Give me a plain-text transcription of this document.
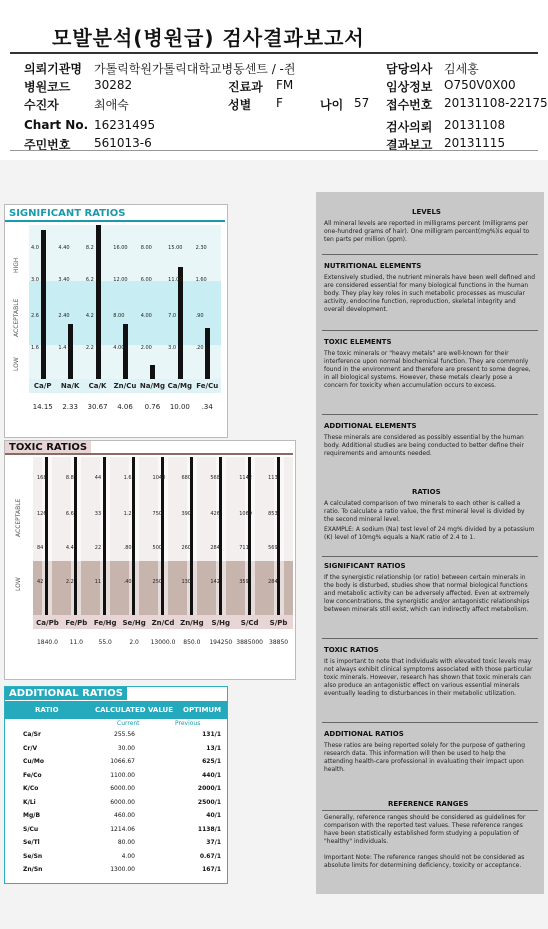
모발분석(병원급) 검사결과보고서
의뢰기관명 가톨릭학원가톨릭대학교병동센트 / -쥔	담당의사 김세홍
병원코드 30282	진료과 FM	임상정보 O750V0X00
수진자	최애숙	성별 F	나이 57 접수번호 20131108-22175
Chart No. 16231495	검사의뢰 20131108
주민번호 561013-6	결과보고 20131115
SIGNIFICANT RATIOS
HIGH
ACCEPTABLE
LOW
4.0
3.0
2.6
1.6
4.40
3.40
2.40
1.4
8.2
6.2
4.2
2.2
16.00
12.00
8.00
4.00
8.00
6.00
4.00
2.00
15.00
11.00
7.0
3.0
2.30
1.60
.90
.20
Ca/P	Na/K	Ca/K	Zn/Cu Na/Mg Ca/Mg Fe/Cu
14.15	2.33	30.67	4.06	0.76	10.00	.34
TOXIC RATIOS
ACCEPTABLE
LOW
168
126
84
42
8.8
6.6
4.4
2.2
44
33
22
11
1.6
1.2
.80
.40
1040
750
500
250
680
390
260
130
568
426
284
142
1142
1069
711
359
113
853
569
284
Ca/Pb Fe/Pb Fe/Hg Se/Hg Zn/Cd Zn/Hg	S/Hg	S/Cd	S/Pb
1840.0	11.0	55.0	2.0	13000.0	850.0	194250 3885000 38850
ADDITIONAL RATIOS
RATIO	CALCULATED VALUE OPTIMUM
Current	Previous
Ca/Sr	255.56	131/1
Cr/V	30.00	13/1
Cu/Mo	1066.67	625/1
Fe/Co	1100.00	440/1
K/Co	6000.00	2000/1
K/Li	6000.00	2500/1
Mg/B	460.00	40/1
S/Cu	1214.06	1138/1
Se/Tl	80.00	37/1
Se/Sn	4.00	0.67/1
Zn/Sn	1300.00	167/1
LEVELS
All mineral levels are reported in milligrams percent (milligrams per one-hundred grams of hair). One milligram percent(mg%)is equal to ten parts per million (ppm).
NUTRITIONAL ELEMENTS
Extensively studied, the nutrient minerals have been well defined and are considered essential for many biological functions in the human body. They play key roles in such metabolic processes as muscular activity, endocrine function, reproduction, skeletal integrity and overall development.
TOXIC ELEMENTS
The toxic minerals or "heavy metals" are well-known for their interference upon normal biochemical function. They are commonly found in the environment and therefore are present to some degree, in all biological systems. However, these metals clearly pose a concern for toxicity when accumulation occurs to excess.
ADDITIONAL ELEMENTS
These minerals are considered as possibly essential by the human body. Additional studies are being conducted to better define their requirements and amounts needed.
RATIOS
A calculated comparison of two minerals to each other is called a ratio. To calculate a ratio value, the first mineral level is divided by the second mineral level.
EXAMPLE: A sodium (Na) test level of 24 mg% divided by a potassium (K) level of 10mg% equals a Na/K ratio of 2.4 to 1.
SIGNIFICANT RATIOS
If the synergistic relationship (or ratio) between certain minerals in the body is disturbed, studies show that normal biological functions and metabolic activity can be adversely affected. Even at extremely low concentrations, the synergistic and/or antagonistic relationships between minerals still exist, which can indirectly affect metabolism.
TOXIC RATIOS
It is important to note that individuals with elevated toxic levels may not always exhibit clinical symptoms associated with those particular toxic minerals. However, research has shown that toxic minerals can also produce an antagonistic effect on various essential minerals eventually leading to disturbances in their metabolic utilization.
ADDITIONAL RATIOS
These ratios are being reported solely for the purpose of gathering research data. This information will then be used to help the attending health-care professional in evaluating their impact upon health.
REFERENCE RANGES
Generally, reference ranges should be considered as guidelines for comparison with the reported test values. These reference ranges have been statistically established form studying a population of "healthy" individuals.
Important Note: The reference ranges should not be considered as absolute limits for determining deficiency, toxicity or acceptance.
